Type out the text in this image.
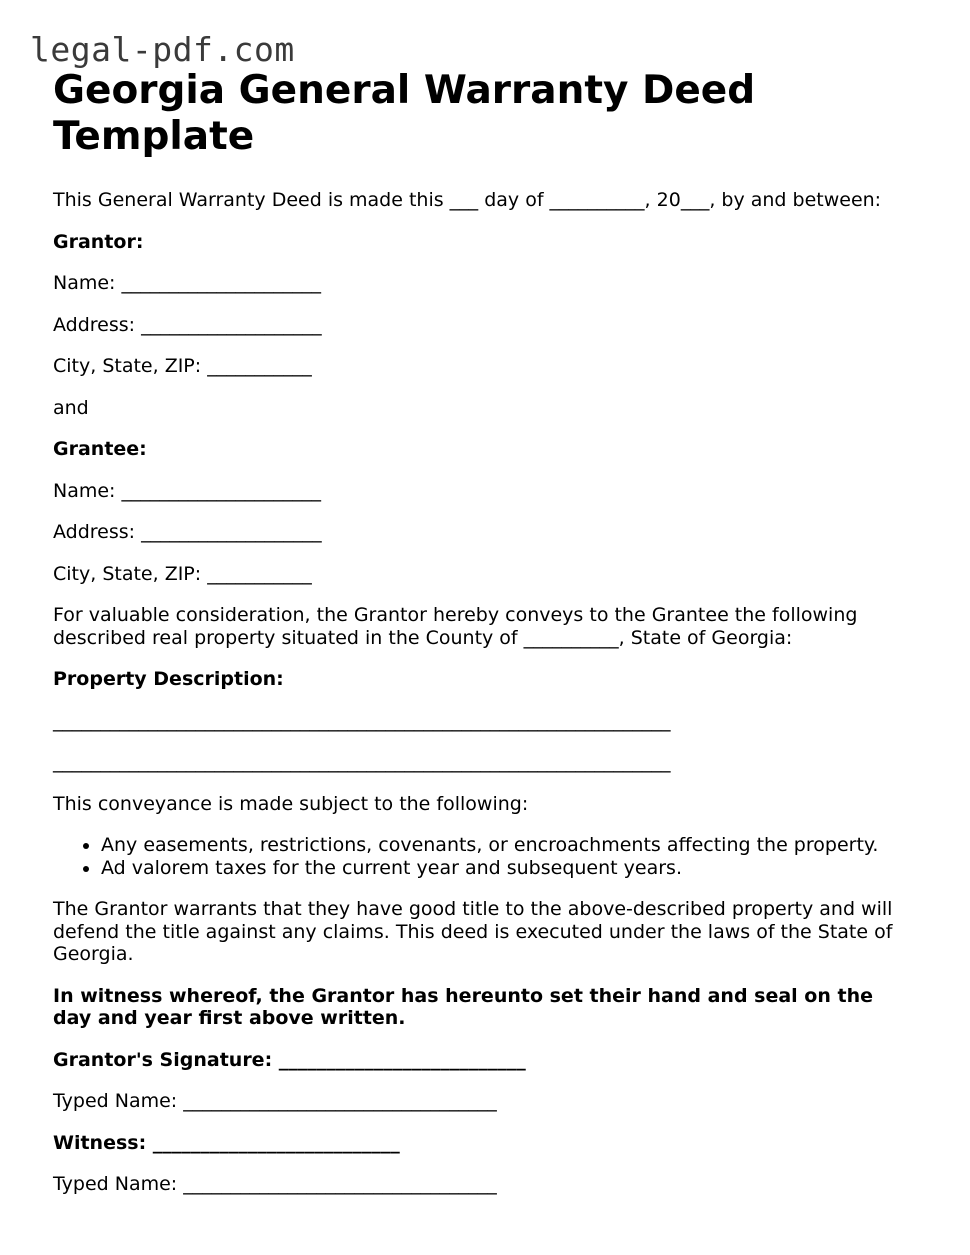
legal-pdf.com
Georgia General Warranty Deed Template

This General Warranty Deed is made this ___ day of __________, 20___, by and between:

Grantor:

Name: _____________________

Address: ___________________

City, State, ZIP: ___________

and

Grantee:

Name: _____________________

Address: ___________________

City, State, ZIP: ___________

For valuable consideration, the Grantor hereby conveys to the Grantee the following described real property situated in the County of __________, State of Georgia:

Property Description:

_________________________________________________________________

_________________________________________________________________

This conveyance is made subject to the following:

• Any easements, restrictions, covenants, or encroachments affecting the property.
• Ad valorem taxes for the current year and subsequent years.

The Grantor warrants that they have good title to the above-described property and will defend the title against any claims. This deed is executed under the laws of the State of Georgia.

In witness whereof, the Grantor has hereunto set their hand and seal on the day and year first above written.

Grantor's Signature: __________________________

Typed Name: _________________________________

Witness: __________________________

Typed Name: _________________________________
